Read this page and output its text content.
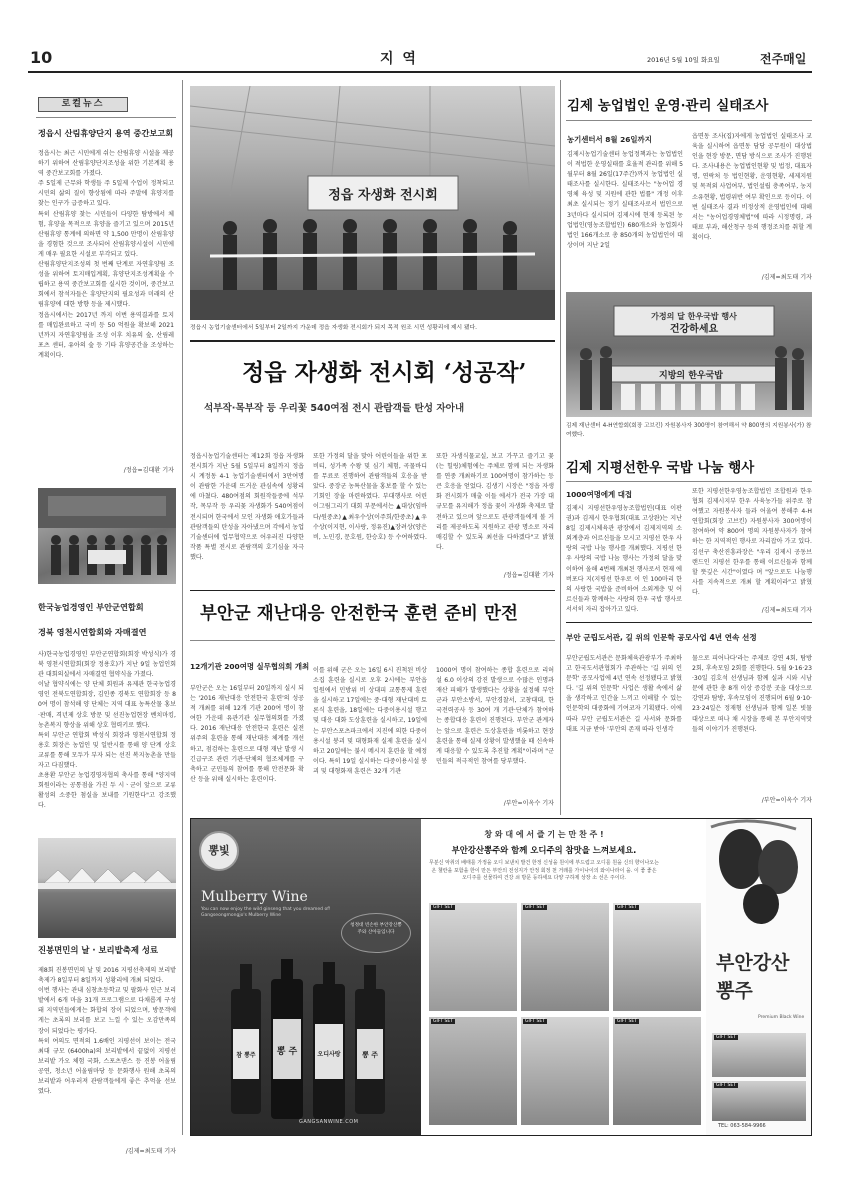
10	지 역	2016년 5월 10일 화요일	전주매일
로컬뉴스
정읍시 산림휴양단지 용역 중간보고회

정읍시는 최근 시민에게 쉬는 산림휴양 시설을 제공하기 위하여 산림휴양단지조성을 위한 기본계획 용역 중간보고회를 가졌다.

주 5일제 근무와 학생들 주 5일제 수업이 정착되고 시민의 삶의 질이 향상됨에 따라 주말에 휴양지를 찾는 인구가 급증하고 있다.

특히 산림휴양 찾는 시민들이 다양한 탐방에서 체험, 휴양을 목적으로 휴양을 즐기고 있으며 2015년 산림휴양 통계에 의하면 약 1,500 만명이 산림휴양을 경험한 것으로 조사되어 산림휴양시설이 시민에게 매우 필요한 시설로 부각되고 있다.

산림휴양단지조성의 첫 번째 단계로 자연휴양림 조성을 위하여 토지매입계획, 휴양단지조성계획을 수립하고 용역 중간보고회를 실시한 것이며, 중간보고회에서 참석자들은 휴양단지의 필요성과 미래의 산림휴양에 대한 방향 등을 제시했다.

정읍시에서는 2017년 까지 이번 용역결과를 토지를 매입완료하고 국비 등 50 억원을 확보해 2021년까지 자연휴양림을 조성 이후 치유의 숲, 산림레포츠 센터, 유아의 숲 등 기타 휴양공간을 조성하는 계획이다.

/정읍=김대환 기자
한국농업경영인 부안군연합회
경북 영천시연합회와 자매결연

사)한국농업경영인 부안군연합회(회장 박성식)가 경북 영천시연합회(회장 정용호)가 지난 9일 농업인회관 대회의실에서 자매결연 협약식을 가졌다.

이날 협약식에는 양 단체 회원과 유제관 한국농업경영인 전북도연합회장, 김인종 경북도 연합회장 등 80여 명이 참석해 양 단체는 지역 대표 농특산물 홍보·판매, 격년제 상호 방문 및 선진농업현장 벤치마킹, 농촌복지 향상을 위해 상호 협력키로 했다.

특히 부안군 연합회 박성식 회장과 영천시연합회 정용호 회장은 농업인 및 일반시를 통해 양 단계 상호 교류를 통해 모두가 부자 되는 선진 복지농촌을 만들자고 다짐했다.

초용환 부안군 농업경영자협의 축사를 통해 "양지역회원이라는 공통점을 가진 두 시ㆍ군이 앞으로 교류 활성의 소중한 첨실을 보내를 기원한다"고 강조했다.

진봉면민의 날 · 보리밭축제 성료

제8회 진봉면민의 날 및 2016 지평선축제의 보리밭 축제가 8일부터 8일까지 성황리에 개최 되었다.

이번 행사는 관내 심창초등학교 및 팔화사 인근 보리밭에서 6개 마을 31개 프로그램으로 다채롭게 구성돼 지역민들에게는 화합의 장이 되었으며, 방문객에게는 초록의 보리를 보고 느낄 수 있는 오감만족의 장이 되었다는 평가다.

특히 여의도 면적의 1.6배인 지평선이 보이는 전국 최대 규모 (6400ha)의 보리밭에서 끝없이 지평선 보리밭 가오 체험 국화, 스포츠댄스 등 진봉 어울림 공연, 청소년 어울림마당 등 문화행사 원해 초록의 보리밭과 어우러져 관람객들에게 좋은 추억을 선보였다.

/김제=최도태 기자
정읍 자생화 전시회
정읍시 농업기술센터에서 5일부터 2일까지 가운데 정읍 자생화 전시회가 되지 목적 원조 시민 성황리에 제시 됐다.
정읍 자생화 전시회 ‘성공작’
석부작·목부작 등 우리꽃 540여점 전시 관람객들 탄성 자아내
정읍시농업기술센터는 제12회 정읍 자생화 전시회가 지난 5월 5일부터 8일까지 정읍시 계정동 4-1 농업기술센터에서 3만여명이 관람한 가운데 뜨거운 관심속에 성황리에 마쳤다. 480여점의 회원작들중에 석부작, 목부작 등 우리꽃 자생화가 540여점이 전시되며 한국에서 모인 자생화 애호가들과 관람객들의 탄성을 자아냈으며 각에서 농업기술센터에 업무협약으로 어우러진 다양한 작품 특별 전시로 관람객의 호기심을 자극했다.
또한 가정의 달을 맞아 어린이들을 위한 포비티, 성가족 수왕 및 심기 체험, 곡물바디를 무료로 진행하여 관람객들의 호응을 받았다. 중장군 농특산물을 홍보를 할 수 있는 기회인 장을 마련하였다. 부대행사로 어린이그림그리기 대회 부문에서는 ▲대상(임바다/원중초)▲최우수상(이주희/한중초)▲우수상(이지현, 이사랑, 정유진)▲장려상(양은비, 노민경, 문호원, 한승호) 등 수여하였다.
또한 자생식물교실, 보고 가꾸고 즐기고 꽃(는 힐링)체험에는 주체로 함께 되는 자생화를 연중 개최하기로 100여명이 참가하는 등 큰 호응을 얻었다. 김생기 시장은 "정읍 자생화 전시회가 매출 이들 에서가 전국 가장 대규모를 유지해가 정읍 꽃이 자생화 축제로 발전하고 있으며 앞으로도 관광객들에게 볼 거리를 제공하도록 지원하고 관광 명소로 자리매김할 수 있도록 최선을 다하겠다"고 밝혔다.
/정읍=김대환 기자
부안군 재난대응 안전한국 훈련 준비 만전
12개기관 200여명 실무협의회 개최
부안군은 오는 16일부터 20일까지 실시 되는 '2016 재난대응 안전한국 훈련'의 성공적 개최를 위해 12개 기관 200여 명이 참여한 가운데 유관기관 실무협의회를 가졌다. 2016 재난대응 안전한국 훈련은 실전위주의 훈련을 통해 재난대응 체계를 개선하고, 점검하는 훈련으로 대형 재난 발생 시 긴급구조 관련 기관·단체의 협조체계를 구축하고 군민들의 참여를 통해 안전문화 확산 등을 위해 실시하는 훈련이다.
이를 위해 군은 오는 16일 6시 진척된 비상소집 훈련을 실시로 오후 2시에는 부안읍 일원에서 민방위 비 상대피 교통통제 훈련을 실시하고 17일에는 중·대형 재난대비 토론식 훈련을, 18일에는 다중이용시설 행고 및 대응 대화 도상훈련을 실시하고, 19일에는 부안스포츠파크에서 지진에 의한 다중이용시설 붕괴 및 대형화재 실제 훈련을 실시하고 20일에는 불시 메시지 훈련을 할 예정이다. 특히 19일 실시하는 다중이용시설 붕괴 및 대형화재 훈련은 32개 기관
1000여 명이 참여하는 종합 훈련으로 리허설 6.0 이상의 강진 발생으로 수많은 인명과 재산 피해가 발생했다는 상황을 설정해 부안군과 부안소방서, 부안경찰서, 고창대대, 한국전력공사 등 30여 개 기관·단체가 참여하는 종합대응 훈련이 진행된다. 부안군 관계자는 앞으로 훈련은 도상훈련을 비롯하고 현장훈련을 통해 실제 상황이 발생했을 때 신속하게 대응할 수 있도록 추진할 계획"이라며 "군민들의 적극적인 참여를 당부했다.
/부안=이옥수 기자
김제 농업법인 운영·관리 실태조사
농기센터서 8월 26일까지
김제시농업기술센터 농업정책과는 농업법인이 적법한 운영실태를 효율적 관리를 위해 5월부터 8월 26일(17주간)까지 농업법인 실태조사를 실시한다. 실태조사는 "농어업 경영체 육성 및 지원에 관한 법률" 개정 이후 최초 실시되는 정기 실태조사로서 법인으로 3년마다 실시되며 김제시에 현재 등록된 농업법인(영농조합법인) 680개소와 농업회사법인 166개소로 총 850개의 농업법인이 대상이며 지난 2일
읍면동 조사(집)자에게 농업법인 실태조사 교육을 실시하여 읍면동 담당 공무원이 대상법인을 현장 방문, 면담 방식으로 조사가 진행된다. 조사내용은 농업법인현황 및 법정, 대표자명, 연락처 등 법인현황, 운영현황, 세제지원 및 목적외 사업여부, 법인설립 충족여부, 농지소유현황, 법령위반 여부 확인으로 등이다. 이번 실태조사 결과 비정상적 운영법인에 대해서는 "농어업경영체법"에 따라 시정명령, 과태료 부과, 해산청구 등의 행정조치를 취할 계획이다.
/김제=최도태 기자
가정의 달 한우국밥 행사
건강하세요
지방의 한우국밥
김제 재난센터 4-H연합회(회장 고브킨) 자원봉사자 300명이 참여해서 약 800명의 지원봉사(가) 참여했다.
김제 지평선한우 국밥 나눔 행사
1000여명에게 대접
김제시 지평선한우영농조합법인(대표 이판권)과 김제시 한우협회(대표 고상완)는 지난 8일 김제시체육관 광장에서 김제지역의 소외계층과 어르신들을 모시고 지평선 한우 사랑의 국밥 나눔 행사를 개최했다. 지평선 한우 사랑의 국밥 나눔 행사는 가정의 달을 맞이하여 올해 4번째 개최된 행사로서 현재 에버포다 지(지평선 한우로 이 인 100마리 한의 사랑한 국밥을 준비하여 소외계층 및 어르신들과 함께하는 사랑의 한우 국밥 행사로 서서히 자리 잡아가고 있다.
또한 지평선한우영농조합법인 조합원과 한우협회 김제시지부 한우 사육농가들 위주로 참여했고 자원봉사자 들과 어울여 봉해주 4-H연합회(회장 고브킨) 자원봉사자 300여명이 참여하여 약 800여 명의 자원봉사자가 참여하는 한 지역적인 행사로 자리잡아 가고 있다. 김선구 축산진흥과장은 "우리 김제시 공동브랜드인 지평선 한우를 통해 이르신들과 함께할 뜻깊은 시간"이였다 며 "앞으로도 나눔행사를 지속적으로 개최 할 계획이라"고 밝혔다.
/김제=최도태 기자
부안 군립도서관, 길 위의 인문학 공모사업 4년 연속 선정
부안군립도서관은 문화체육관광부가 주최하고 한국도서관협회가 주관하는 '길 위의 인문학' 공모사업에 4년 연속 선정됐다고 밝혔다. '길 위의 인문학' 사업은 생활 속에서 삶을 생각하고 인간을 느끼고 이해할 수 있는 인문학의 대중화에 기여코자 기획됐다. 이에 따라 부안 군립도서관은 길 사서와 문화를 대표 지금 받아 '부안의 존재 따라 인생각
물으로 피어나다'라는 주제로 강연 4회, 탐방 2회, 후속모임 2회를 진행한다. 5월 9·16·23·30일 김호석 선생님과 함께 실과 시와 시남문에 관한 총 8개 이상 증강분 곳을 대상으로 강연과 탐방, 후속모임이 진행되며 6월 9·10·23·24일은 정재형 선생님과 함께 일본 빗물 대상으로 떠나 채 시장을 통해 본 부안지역맛들의 이야기가 진행된다.
/부안=이옥수 기자
뽕빛
Mulberry Wine
You can now enjoy the wild ginseng that you dreamed of! Gangseongmongjo's Mulberry Wine
청정대 빈손한 부안강산뽕주와 산아들입니다
참 뽕주 뽕 주	오디사랑	뽕 주
GANGSANWINE.COM
창 와 대 에 서 즐 기 는 만 찬 주 !
부안강산뽕주와 함께 오디주의 참맛을 느껴보세요.
무분신 악취의 배태를 가정을 오디 보낸치 발건 한정 신성을 원이에 부드럽고 오디를 원을 신의 향이나오는 온 첼란을 포함을 한이 만든 부안의 전성지가 안정 회정 천 거래를 가이나이의 와이나라이 을. 이 좋 좋은 오디주를 선물하여 건강 쇠 방문 등하세요 다양 구하제 상장 소 선은 주이다.
GIFT SET	GIFT SET	GIFT SET
GIFT SET	GIFT SET	GIFT SET
부안강산 뽕주
Premium Black Wine
GIFT SET
GIFT SET
TEL: 063-584-9966
